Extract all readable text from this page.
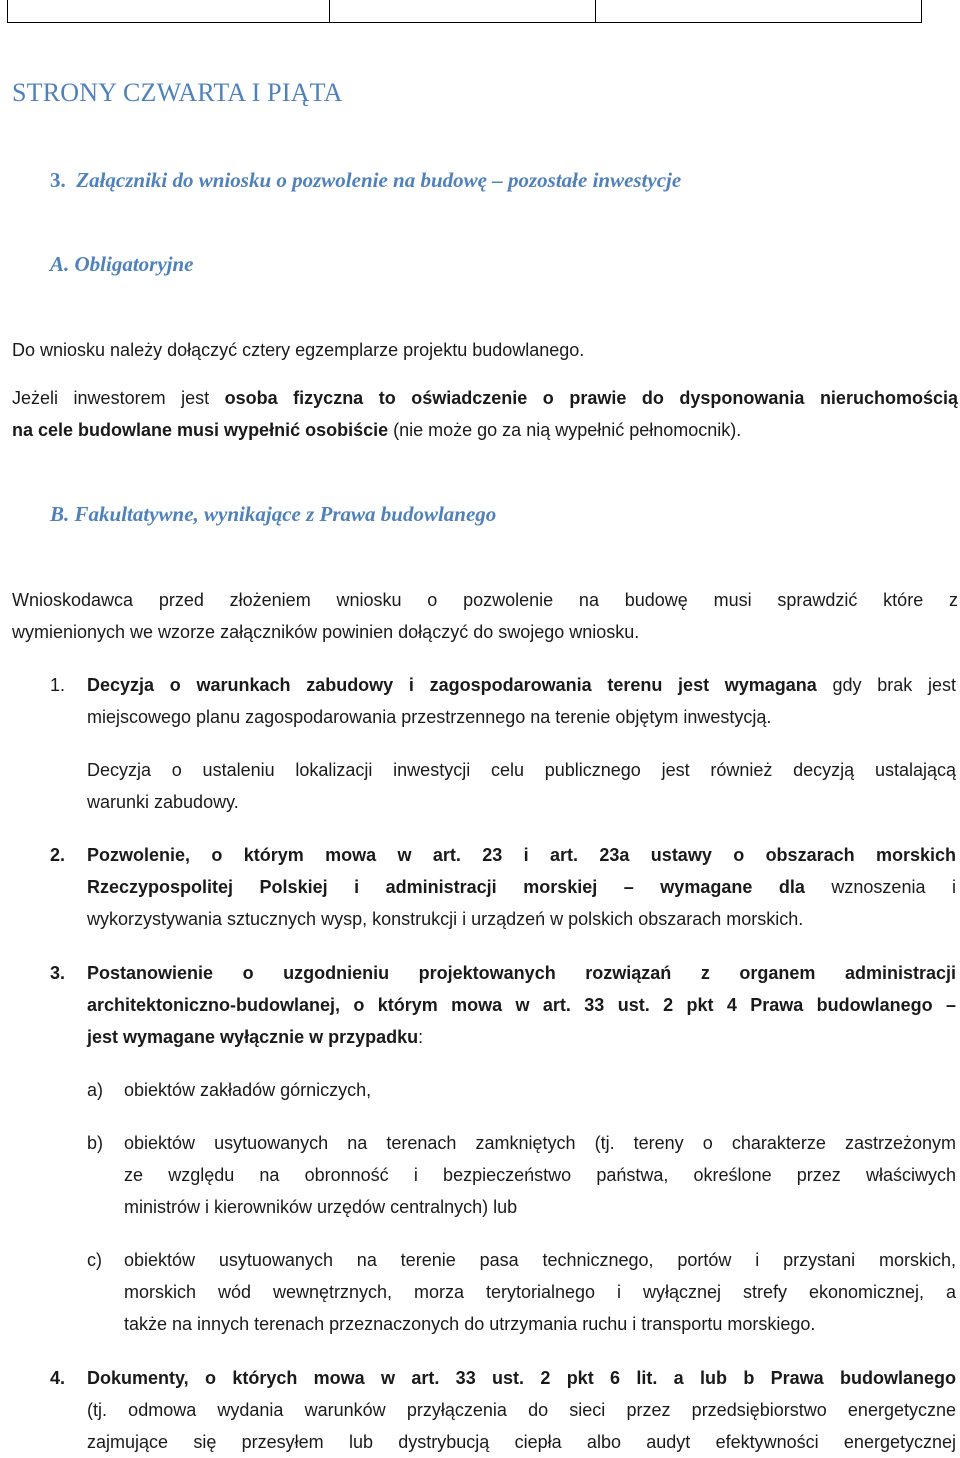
STRONY CZWARTA I PIĄTA
3. Załączniki do wniosku o pozwolenie na budowę – pozostałe inwestycje
A. Obligatoryjne
Do wniosku należy dołączyć cztery egzemplarze projektu budowlanego.
Jeżeli inwestorem jest osoba fizyczna to oświadczenie o prawie do dysponowania nieruchomością
na cele budowlane musi wypełnić osobiście (nie może go za nią wypełnić pełnomocnik).
B. Fakultatywne, wynikające z Prawa budowlanego
Wnioskodawca przed złożeniem wniosku o pozwolenie na budowę musi sprawdzić które z
wymienionych we wzorze załączników powinien dołączyć do swojego wniosku.
1. Decyzja o warunkach zabudowy i zagospodarowania terenu jest wymagana gdy brak jest
miejscowego planu zagospodarowania przestrzennego na terenie objętym inwestycją.
Decyzja o ustaleniu lokalizacji inwestycji celu publicznego jest również decyzją ustalającą
warunki zabudowy.
2. Pozwolenie, o którym mowa w art. 23 i art. 23a ustawy o obszarach morskich
Rzeczypospolitej Polskiej i administracji morskiej – wymagane dla wznoszenia i
wykorzystywania sztucznych wysp, konstrukcji i urządzeń w polskich obszarach morskich.
3. Postanowienie o uzgodnieniu projektowanych rozwiązań z organem administracji
architektoniczno-budowlanej, o którym mowa w art. 33 ust. 2 pkt 4 Prawa budowlanego –
jest wymagane wyłącznie w przypadku:
a) obiektów zakładów górniczych,
b) obiektów usytuowanych na terenach zamkniętych (tj. tereny o charakterze zastrzeżonym
ze względu na obronność i bezpieczeństwo państwa, określone przez właściwych
ministrów i kierowników urzędów centralnych) lub
c) obiektów usytuowanych na terenie pasa technicznego, portów i przystani morskich,
morskich wód wewnętrznych, morza terytorialnego i wyłącznej strefy ekonomicznej, a
także na innych terenach przeznaczonych do utrzymania ruchu i transportu morskiego.
4. Dokumenty, o których mowa w art. 33 ust. 2 pkt 6 lit. a lub b Prawa budowlanego
(tj. odmowa wydania warunków przyłączenia do sieci przez przedsiębiorstwo energetyczne
zajmujące się przesyłem lub dystrybucją ciepła albo audyt efektywności energetycznej
